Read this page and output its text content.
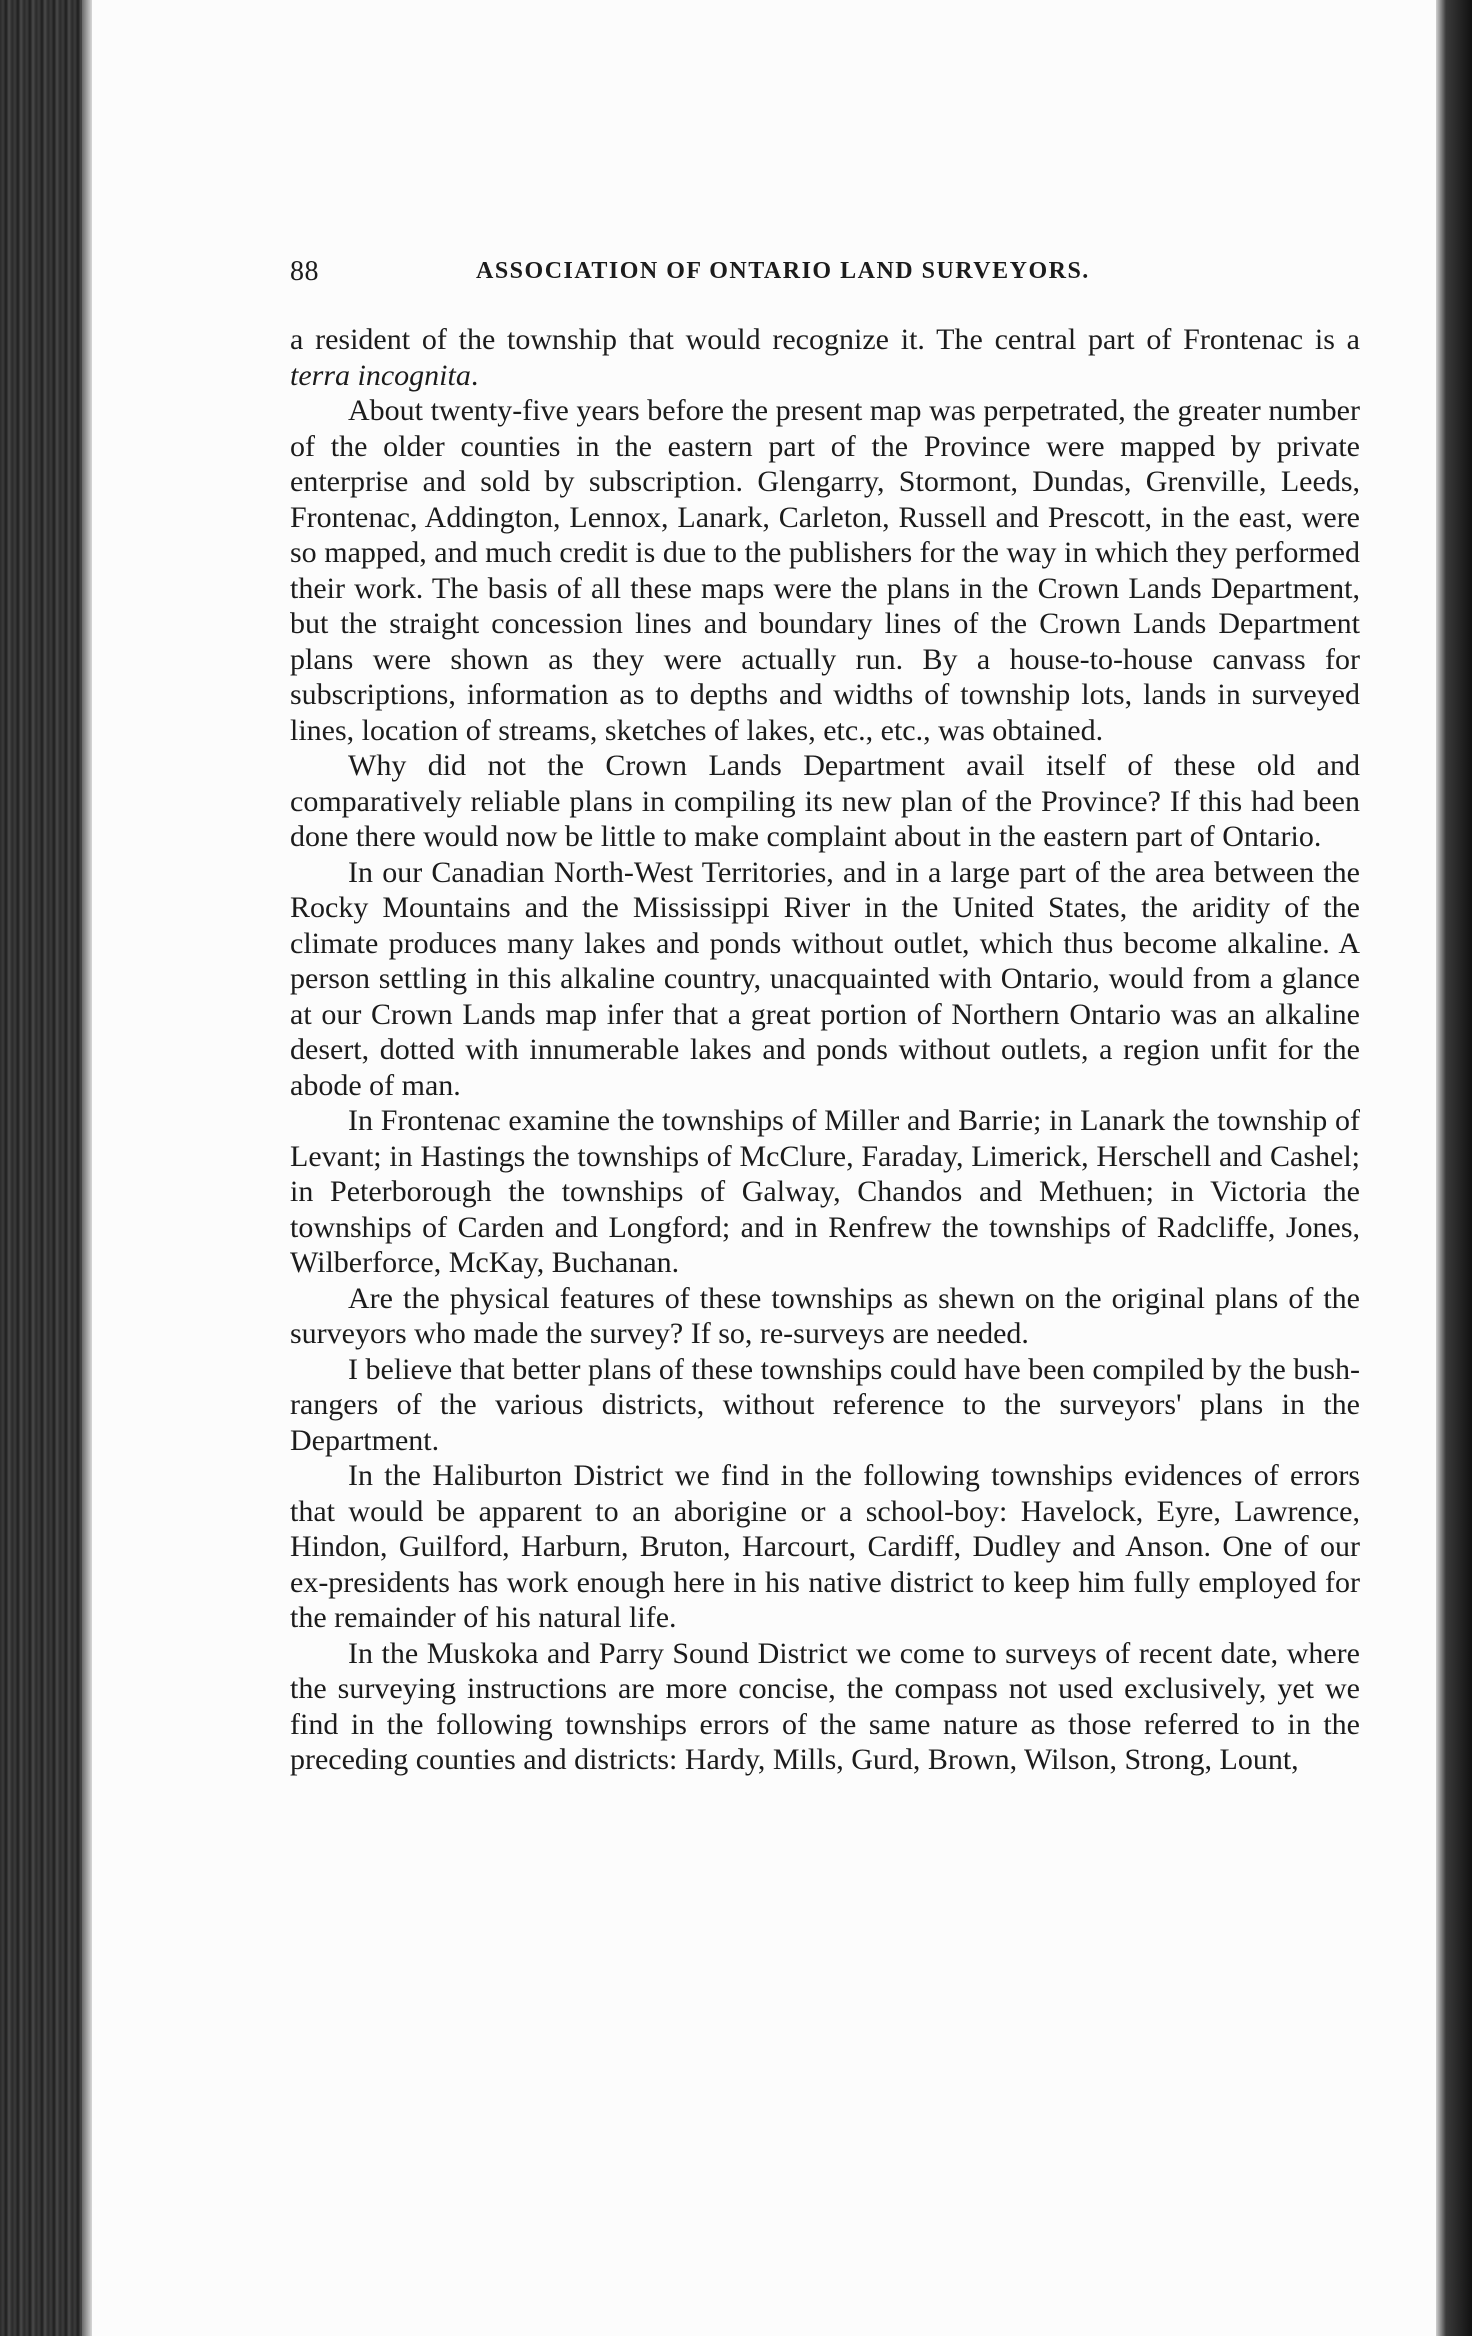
88	ASSOCIATION OF ONTARIO LAND SURVEYORS.

a resident of the township that would recognize it. The central part of Frontenac is a terra incognita.

About twenty-five years before the present map was perpetrated, the greater number of the older counties in the eastern part of the Province were mapped by private enterprise and sold by subscription. Glengarry, Stormont, Dundas, Grenville, Leeds, Frontenac, Addington, Lennox, Lanark, Carleton, Russell and Prescott, in the east, were so mapped, and much credit is due to the publishers for the way in which they performed their work. The basis of all these maps were the plans in the Crown Lands Department, but the straight concession lines and boundary lines of the Crown Lands Department plans were shown as they were actually run. By a house-to-house canvass for subscriptions, information as to depths and widths of township lots, lands in surveyed lines, location of streams, sketches of lakes, etc., etc., was obtained.

Why did not the Crown Lands Department avail itself of these old and comparatively reliable plans in compiling its new plan of the Province? If this had been done there would now be little to make complaint about in the eastern part of Ontario.

In our Canadian North-West Territories, and in a large part of the area between the Rocky Mountains and the Mississippi River in the United States, the aridity of the climate produces many lakes and ponds without outlet, which thus become alkaline. A person settling in this alkaline country, unacquainted with Ontario, would from a glance at our Crown Lands map infer that a great portion of Northern Ontario was an alkaline desert, dotted with innumerable lakes and ponds without outlets, a region unfit for the abode of man.

In Frontenac examine the townships of Miller and Barrie; in Lanark the township of Levant; in Hastings the townships of McClure, Faraday, Limerick, Herschell and Cashel; in Peterborough the townships of Galway, Chandos and Methuen; in Victoria the townships of Carden and Longford; and in Renfrew the townships of Radcliffe, Jones, Wilberforce, McKay, Buchanan.

Are the physical features of these townships as shewn on the original plans of the surveyors who made the survey? If so, re-surveys are needed.

I believe that better plans of these townships could have been compiled by the bush-rangers of the various districts, without reference to the surveyors' plans in the Department.

In the Haliburton District we find in the following townships evidences of errors that would be apparent to an aborigine or a school-boy: Havelock, Eyre, Lawrence, Hindon, Guilford, Harburn, Bruton, Harcourt, Cardiff, Dudley and Anson. One of our ex-presidents has work enough here in his native district to keep him fully employed for the remainder of his natural life.

In the Muskoka and Parry Sound District we come to surveys of recent date, where the surveying instructions are more concise, the compass not used exclusively, yet we find in the following townships errors of the same nature as those referred to in the preceding counties and districts: Hardy, Mills, Gurd, Brown, Wilson, Strong, Lount,
